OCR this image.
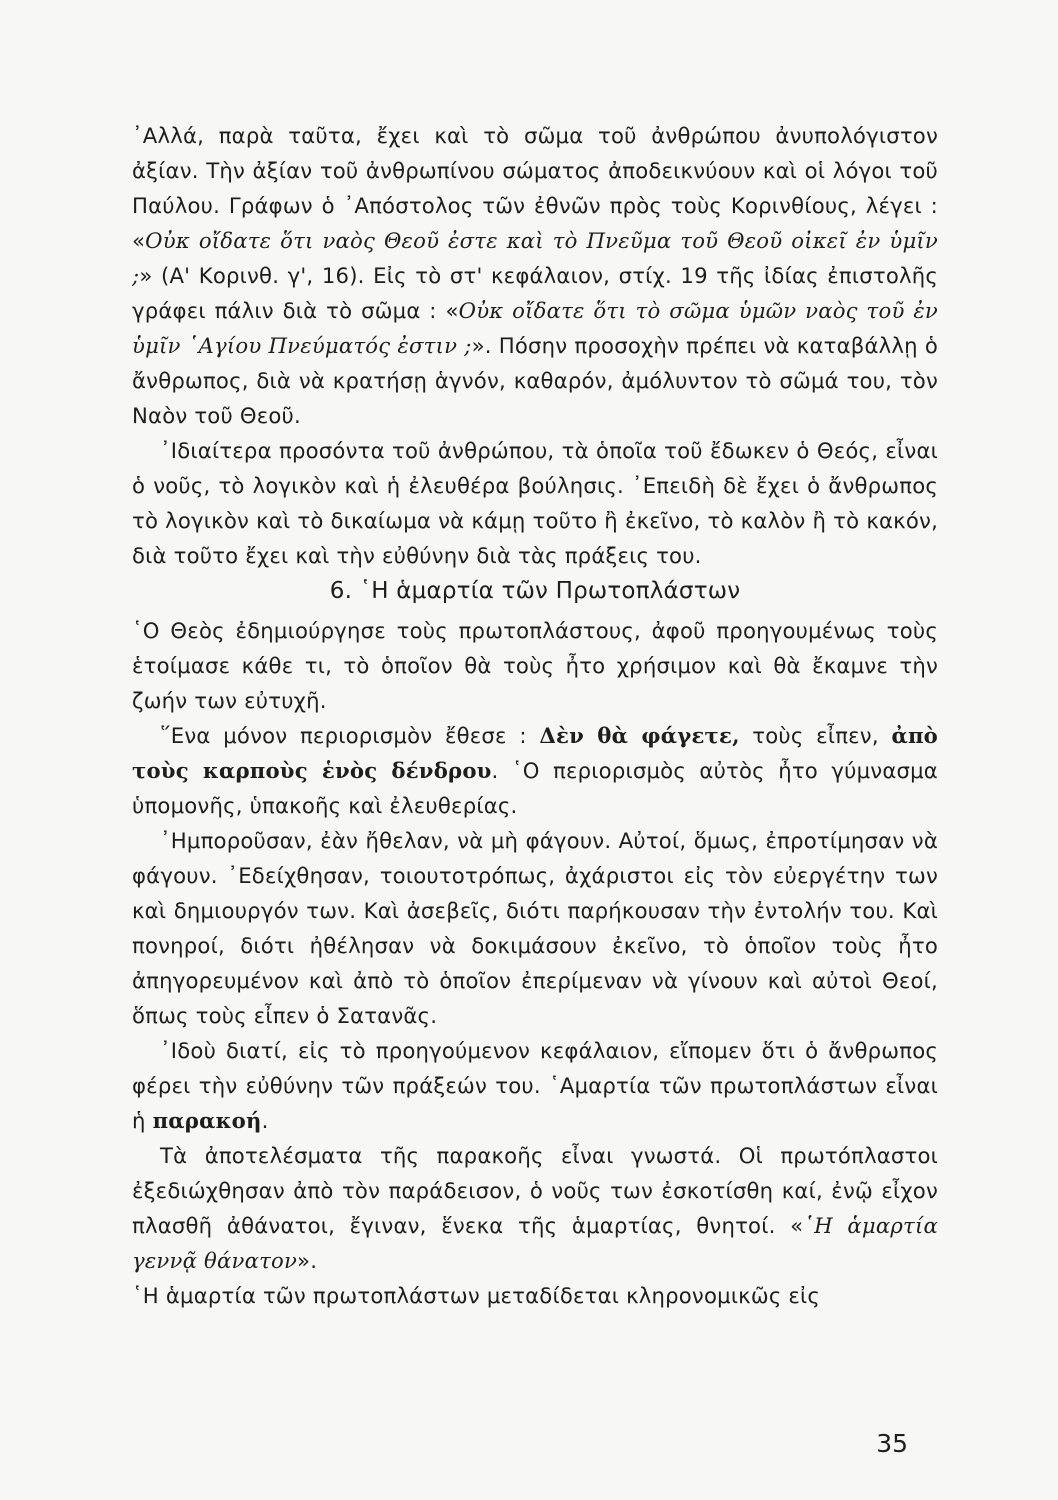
᾿Αλλά, παρὰ ταῦτα, ἔχει καὶ τὸ σῶμα τοῦ ἀνθρώπου ἀνυπολόγιστον ἀξίαν. Τὴν ἀξίαν τοῦ ἀνθρωπίνου σώματος ἀποδεικνύουν καὶ οἱ λόγοι τοῦ Παύλου. Γράφων ὁ ᾿Απόστολος τῶν ἐθνῶν πρὸς τοὺς Κορινθίους, λέγει : «Οὐκ οἴδατε ὅτι ναὸς Θεοῦ ἐστε καὶ τὸ Πνεῦμα τοῦ Θεοῦ οἰκεῖ ἐν ὑμῖν ;» (Α' Κορινθ. γ', 16). Εἰς τὸ στ' κεφάλαιον, στίχ. 19 τῆς ἰδίας ἐπιστολῆς γράφει πάλιν διὰ τὸ σῶμα : «Οὐκ οἴδατε ὅτι τὸ σῶμα ὑμῶν ναὸς τοῦ ἐν ὑμῖν ῾Αγίου Πνεύματός ἐστιν ;». Πόσην προσοχὴν πρέπει νὰ καταβάλλῃ ὁ ἄνθρωπος, διὰ νὰ κρατήσῃ ἁγνόν, καθαρόν, ἀμόλυντον τὸ σῶμά του, τὸν Ναὸν τοῦ Θεοῦ.

᾿Ιδιαίτερα προσόντα τοῦ ἀνθρώπου, τὰ ὁποῖα τοῦ ἔδωκεν ὁ Θεός, εἶναι ὁ νοῦς, τὸ λογικὸν καὶ ἡ ἐλευθέρα βούλησις. ᾿Επειδὴ δὲ ἔχει ὁ ἄνθρωπος τὸ λογικὸν καὶ τὸ δικαίωμα νὰ κάμῃ τοῦτο ἢ ἐκεῖνο, τὸ καλὸν ἢ τὸ κακόν, διὰ τοῦτο ἔχει καὶ τὴν εὐθύνην διὰ τὰς πράξεις του.

6. ῾Η ἁμαρτία τῶν Πρωτοπλάστων

῾Ο Θεὸς ἐδημιούργησε τοὺς πρωτοπλάστους, ἀφοῦ προηγουμένως τοὺς ἑτοίμασε κάθε τι, τὸ ὁποῖον θὰ τοὺς ἦτο χρήσιμον καὶ θὰ ἔκαμνε τὴν ζωήν των εὐτυχῆ.

῞Ενα μόνον περιορισμὸν ἔθεσε : Δὲν θὰ φάγετε, τοὺς εἶπεν, ἀπὸ τοὺς καρποὺς ἑνὸς δένδρου. ῾Ο περιορισμὸς αὐτὸς ἦτο γύμνασμα ὑπομονῆς, ὑπακοῆς καὶ ἐλευθερίας.

᾿Ημποροῦσαν, ἐὰν ἤθελαν, νὰ μὴ φάγουν. Αὐτοί, ὅμως, ἐπροτίμησαν νὰ φάγουν. ᾿Εδείχθησαν, τοιουτοτρόπως, ἀχάριστοι εἰς τὸν εὐεργέτην των καὶ δημιουργόν των. Καὶ ἀσεβεῖς, διότι παρήκουσαν τὴν ἐντολήν του. Καὶ πονηροί, διότι ἠθέλησαν νὰ δοκιμάσουν ἐκεῖνο, τὸ ὁποῖον τοὺς ἦτο ἀπηγορευμένον καὶ ἀπὸ τὸ ὁποῖον ἐπερίμεναν νὰ γίνουν καὶ αὐτοὶ Θεοί, ὅπως τοὺς εἶπεν ὁ Σατανᾶς.

᾿Ιδοὺ διατί, εἰς τὸ προηγούμενον κεφάλαιον, εἴπομεν ὅτι ὁ ἄνθρωπος φέρει τὴν εὐθύνην τῶν πράξεών του. ῾Αμαρτία τῶν πρωτοπλάστων εἶναι ἡ παρακοή.

Τὰ ἀποτελέσματα τῆς παρακοῆς εἶναι γνωστά. Οἱ πρωτόπλαστοι ἐξεδιώχθησαν ἀπὸ τὸν παράδεισον, ὁ νοῦς των ἐσκοτίσθη καί, ἐνῷ εἶχον πλασθῆ ἀθάνατοι, ἔγιναν, ἕνεκα τῆς ἁμαρτίας, θνητοί. «῾Η ἁμαρτία γεννᾷ θάνατον».

῾Η ἁμαρτία τῶν πρωτοπλάστων μεταδίδεται κληρονομικῶς εἰς

35
